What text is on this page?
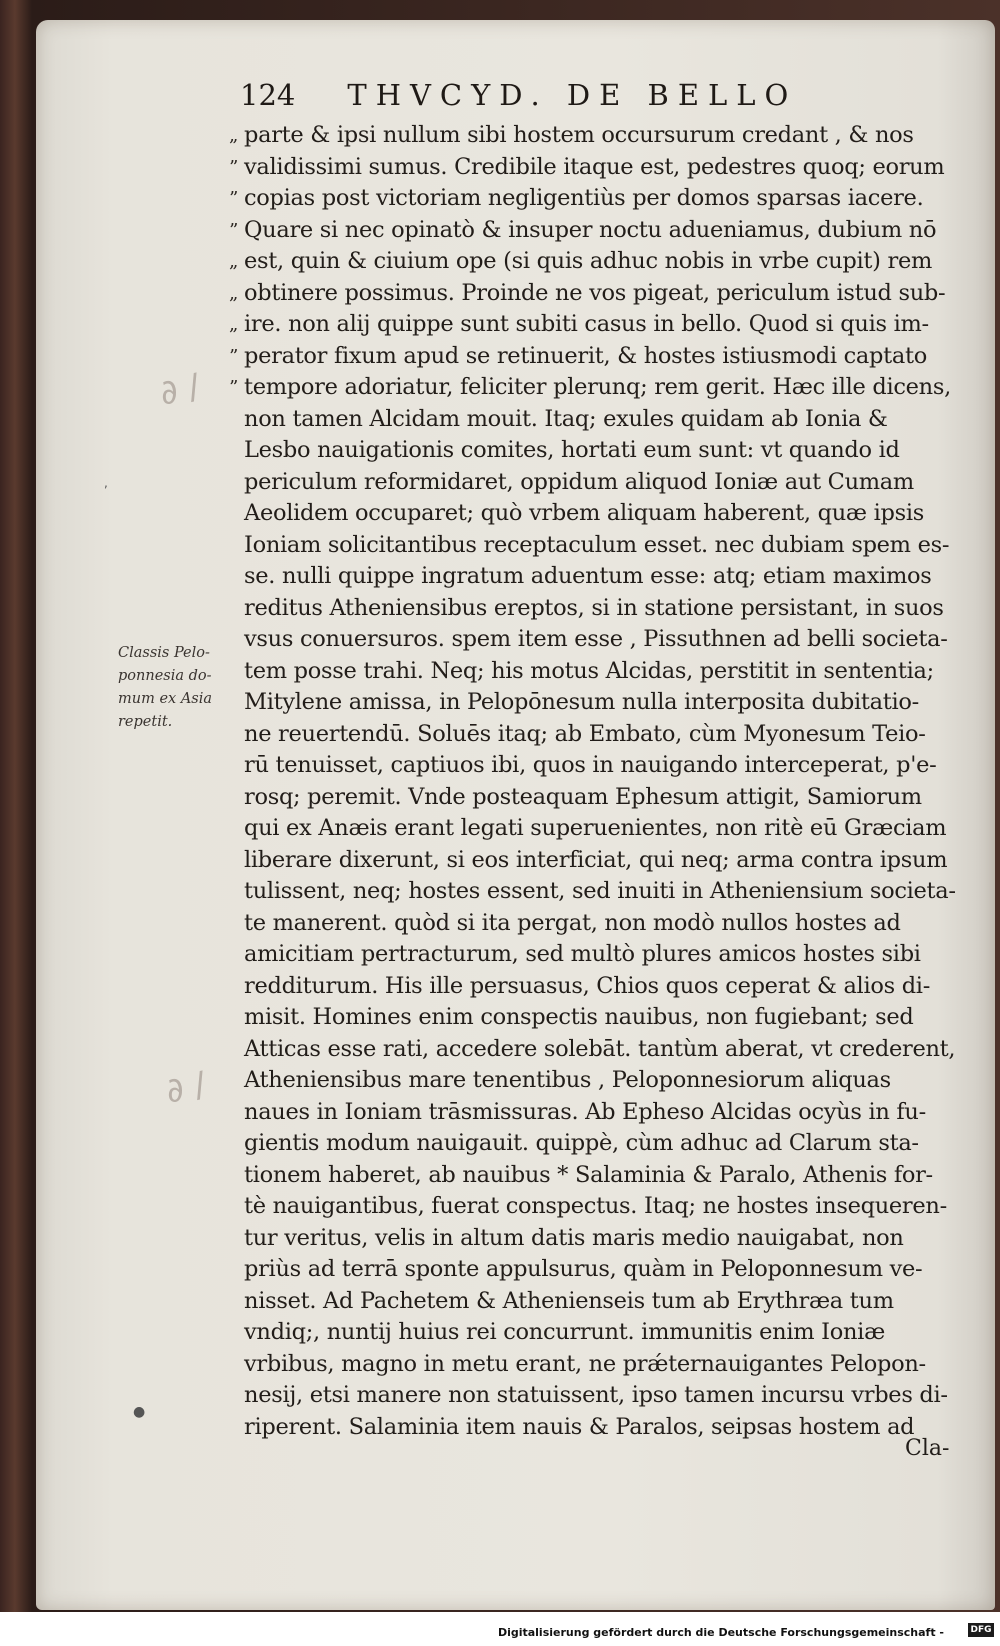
124 THVCYD. DE BELLO
Classis Pelo-
ponnesia do-
mum ex Asia
repetit.
∂ /
∂ /
●
,
„ parte & ipsi nullum sibi hostem occursurum credant , & nos
” validissimi sumus. Credibile itaque est, pedestres quoq; eorum
” copias post victoriam negligentiùs per domos sparsas iacere.
” Quare si nec opinatò & insuper noctu adueniamus, dubium nō
„ est, quin & ciuium ope (si quis adhuc nobis in vrbe cupit) rem
„ obtinere possimus. Proinde ne vos pigeat, periculum istud sub-
„ ire. non alij quippe sunt subiti casus in bello. Quod si quis im-
” perator fixum apud se retinuerit, & hostes istiusmodi captato
” tempore adoriatur, feliciter plerunq; rem gerit. Hæc ille dicens,
non tamen Alcidam mouit. Itaq; exules quidam ab Ionia &
Lesbo nauigationis comites, hortati eum sunt: vt quando id
periculum reformidaret, oppidum aliquod Ioniæ aut Cumam
Aeolidem occuparet; quò vrbem aliquam haberent, quæ ipsis
Ioniam solicitantibus receptaculum esset. nec dubiam spem es-
se. nulli quippe ingratum aduentum esse: atq; etiam maximos
reditus Atheniensibus ereptos, si in statione persistant, in suos
vsus conuersuros. spem item esse , Pissuthnen ad belli societa-
tem posse trahi. Neq; his motus Alcidas, perstitit in sententia;
Mitylene amissa, in Pelopōnesum nulla interposita dubitatio-
ne reuertendū. Soluēs itaq; ab Embato, cùm Myonesum Teio-
rū tenuisset, captiuos ibi, quos in nauigando interceperat, p'e-
rosq; peremit. Vnde posteaquam Ephesum attigit, Samiorum
qui ex Anæis erant legati superuenientes, non ritè eū Græciam
liberare dixerunt, si eos interficiat, qui neq; arma contra ipsum
tulissent, neq; hostes essent, sed inuiti in Atheniensium societa-
te manerent. quòd si ita pergat, non modò nullos hostes ad
amicitiam pertracturum, sed multò plures amicos hostes sibi
redditurum. His ille persuasus, Chios quos ceperat & alios di-
misit. Homines enim conspectis nauibus, non fugiebant; sed
Atticas esse rati, accedere solebāt. tantùm aberat, vt crederent,
Atheniensibus mare tenentibus , Peloponnesiorum aliquas
naues in Ioniam trāsmissuras. Ab Epheso Alcidas ocyùs in fu-
gientis modum nauigauit. quippè, cùm adhuc ad Clarum sta-
tionem haberet, ab nauibus * Salaminia & Paralo, Athenis for-
tè nauigantibus, fuerat conspectus. Itaq; ne hostes insequeren-
tur veritus, velis in altum datis maris medio nauigabat, non
priùs ad terrā sponte appulsurus, quàm in Peloponnesum ve-
nisset. Ad Pachetem & Athenienseis tum ab Erythræa tum
vndiq;, nuntij huius rei concurrunt. immunitis enim Ioniæ
vrbibus, magno in metu erant, ne prǽternauigantes Pelopon-
nesij, etsi manere non statuissent, ipso tamen incursu vrbes di-
riperent. Salaminia item nauis & Paralos, seipsas hostem ad
Cla-
Digitalisierung gefördert durch die Deutsche Forschungsgemeinschaft -	DFG
